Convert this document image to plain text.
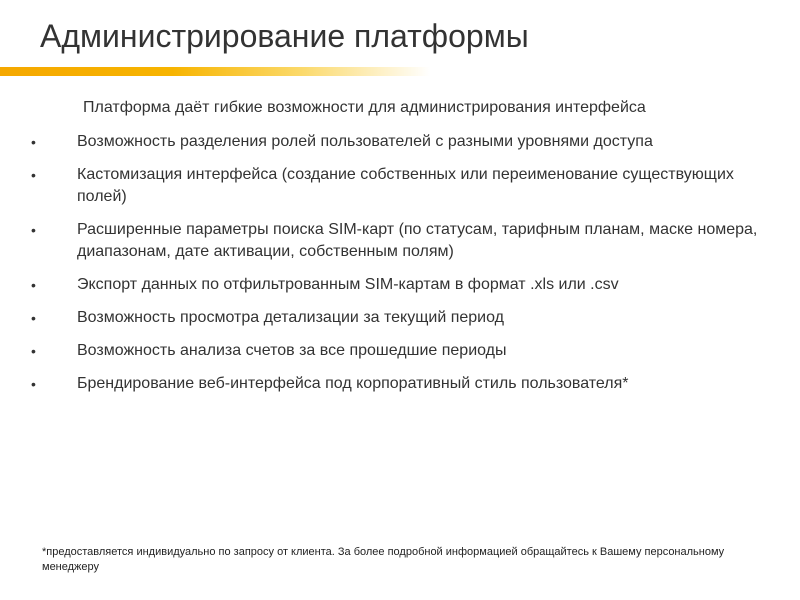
Администрирование платформы
Платформа даёт гибкие возможности для администрирования интерфейса
•	Возможность разделения ролей пользователей с разными уровнями доступа
•	Кастомизация интерфейса (создание собственных или переименование существующих полей)
•	Расширенные параметры поиска SIM-карт (по статусам, тарифным планам, маске номера, диапазонам, дате активации, собственным полям)
•	Экспорт данных по отфильтрованным SIM-картам в формат .xls или .csv
•	Возможность просмотра детализации за текущий период
•	Возможность анализа счетов за все прошедшие периоды
•	Брендирование веб-интерфейса под корпоративный стиль пользователя*
*предоставляется индивидуально по запросу от клиента. За более подробной информацией обращайтесь к Вашему персональному менеджеру
